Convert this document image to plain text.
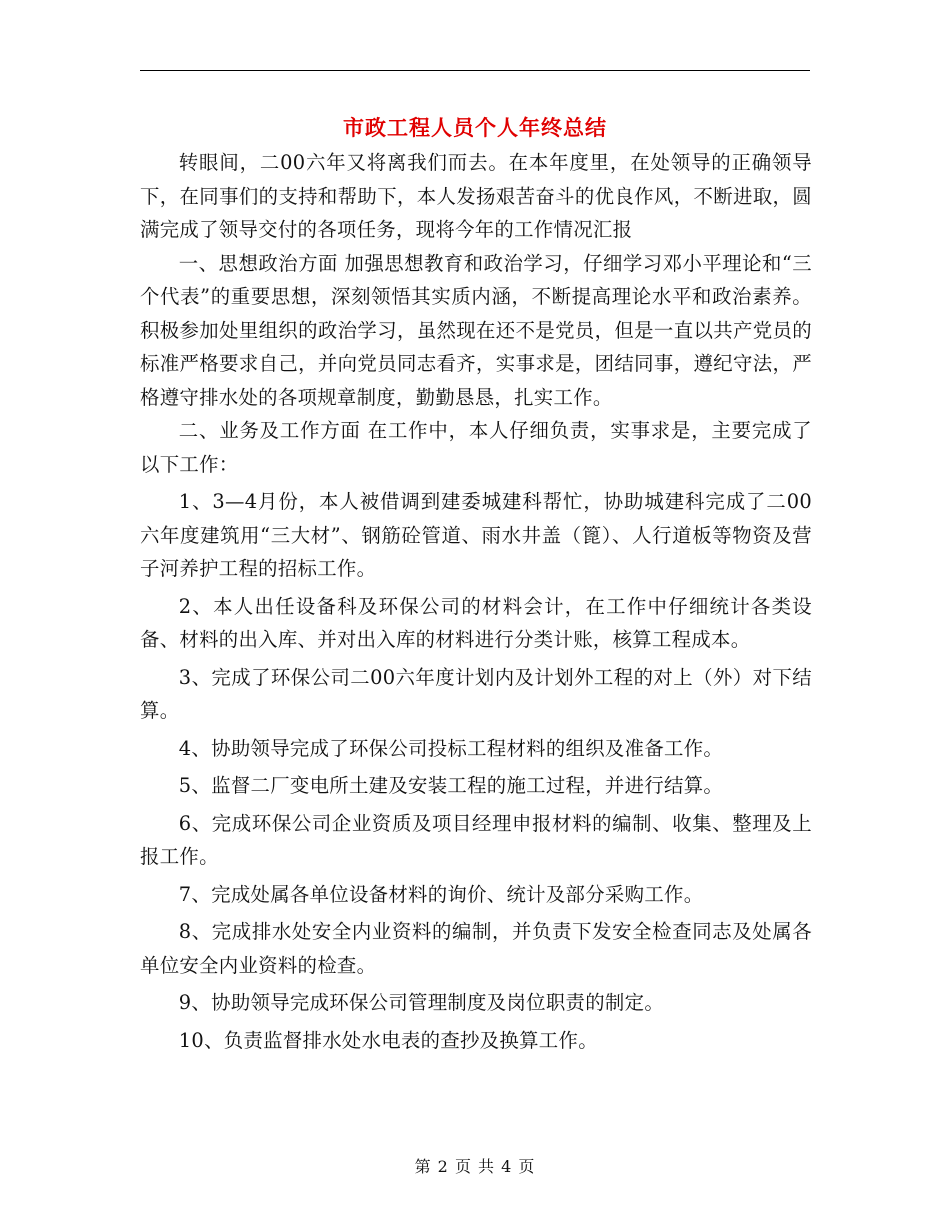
市政工程人员个人年终总结

转眼间，二00六年又将离我们而去。在本年度里，在处领导的正确领导下，在同事们的支持和帮助下，本人发扬艰苦奋斗的优良作风，不断进取，圆满完成了领导交付的各项任务，现将今年的工作情况汇报

一、思想政治方面 加强思想教育和政治学习，仔细学习邓小平理论和“三个代表”的重要思想，深刻领悟其实质内涵，不断提高理论水平和政治素养。积极参加处里组织的政治学习，虽然现在还不是党员，但是一直以共产党员的标准严格要求自己，并向党员同志看齐，实事求是，团结同事，遵纪守法，严格遵守排水处的各项规章制度，勤勤恳恳，扎实工作。

二、业务及工作方面 在工作中，本人仔细负责，实事求是，主要完成了以下工作：

1、3—4月份，本人被借调到建委城建科帮忙，协助城建科完成了二00六年度建筑用“三大材”、钢筋砼管道、雨水井盖（篦）、人行道板等物资及营子河养护工程的招标工作。

2、本人出任设备科及环保公司的材料会计，在工作中仔细统计各类设备、材料的出入库、并对出入库的材料进行分类计账，核算工程成本。

3、完成了环保公司二00六年度计划内及计划外工程的对上（外）对下结算。

4、协助领导完成了环保公司投标工程材料的组织及准备工作。

5、监督二厂变电所土建及安装工程的施工过程，并进行结算。

6、完成环保公司企业资质及项目经理申报材料的编制、收集、整理及上报工作。

7、完成处属各单位设备材料的询价、统计及部分采购工作。

8、完成排水处安全内业资料的编制，并负责下发安全检查同志及处属各单位安全内业资料的检查。

9、协助领导完成环保公司管理制度及岗位职责的制定。

10、负责监督排水处水电表的查抄及换算工作。

第 2 页 共 4 页
